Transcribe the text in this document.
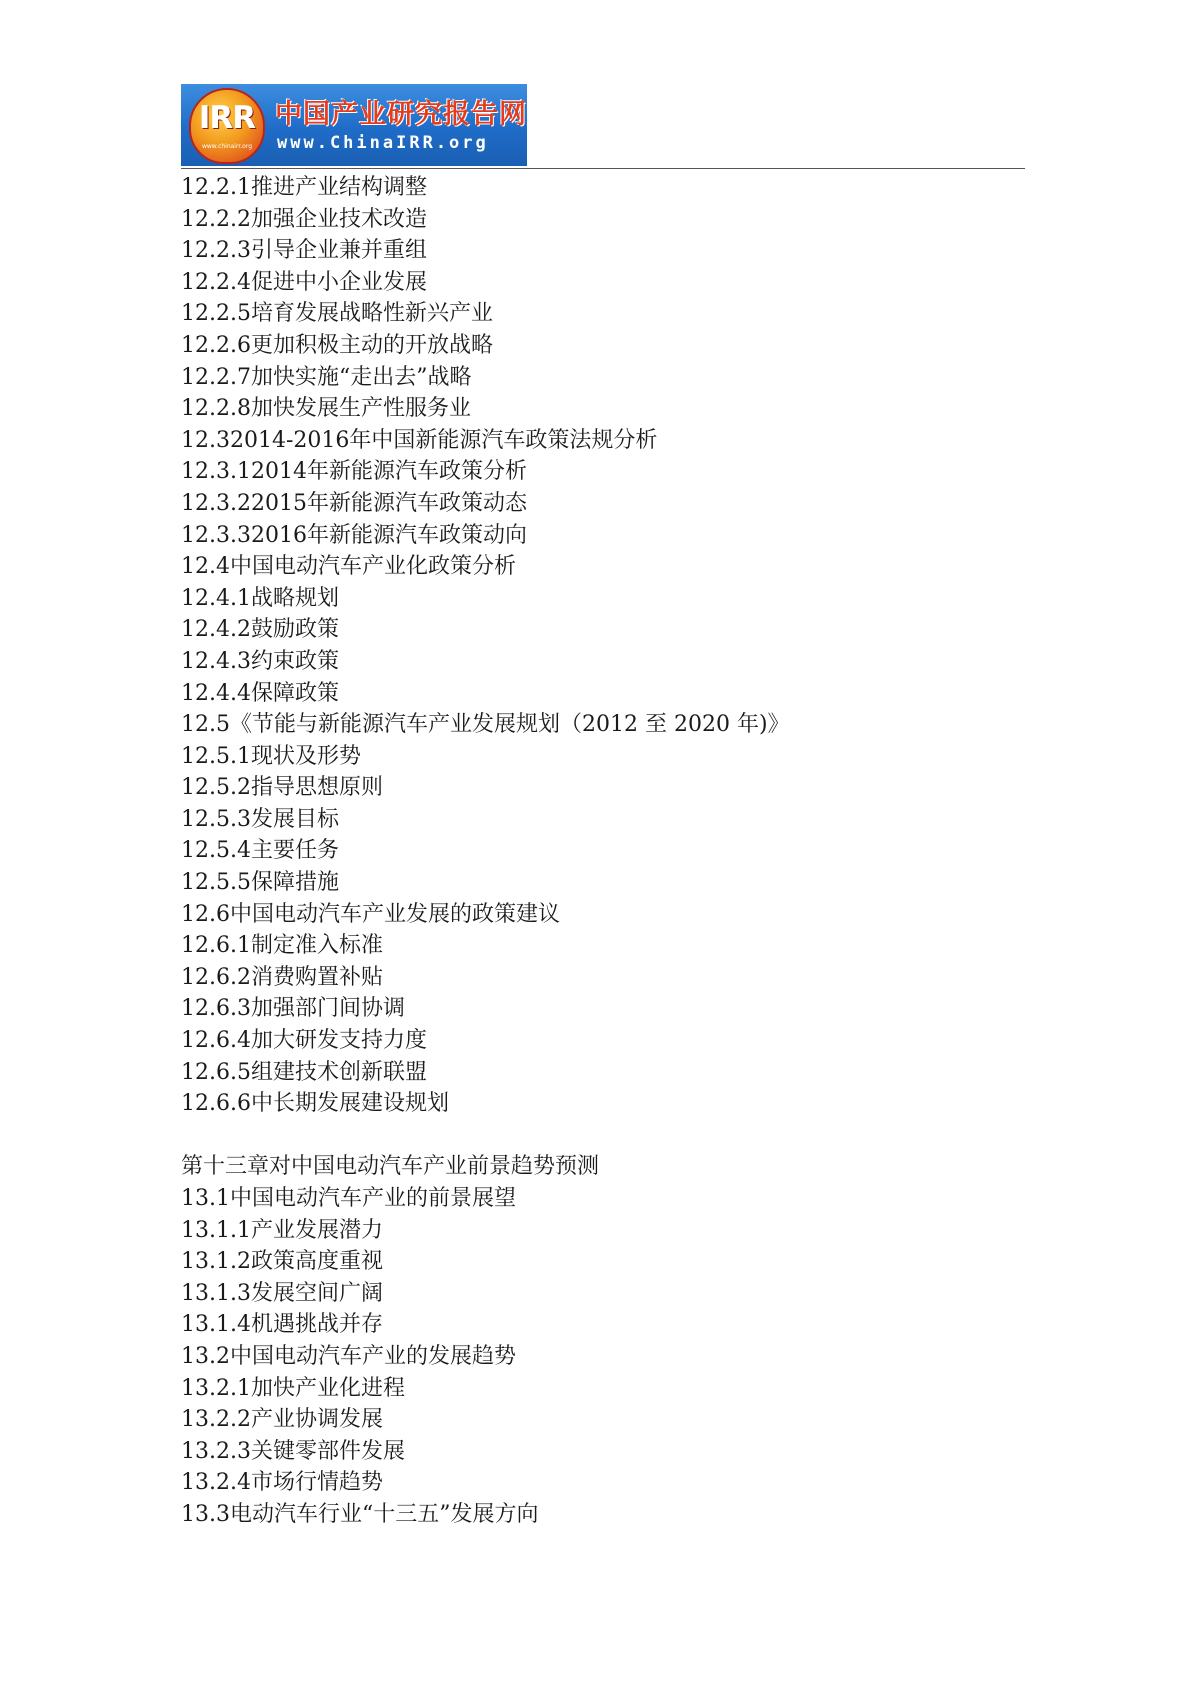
IRR
www.chinairr.org
中国产业研究报告网
www.ChinaIRR.org
12.2.1推进产业结构调整
12.2.2加强企业技术改造
12.2.3引导企业兼并重组
12.2.4促进中小企业发展
12.2.5培育发展战略性新兴产业
12.2.6更加积极主动的开放战略
12.2.7加快实施“走出去”战略
12.2.8加快发展生产性服务业
12.32014-2016年中国新能源汽车政策法规分析
12.3.12014年新能源汽车政策分析
12.3.22015年新能源汽车政策动态
12.3.32016年新能源汽车政策动向
12.4中国电动汽车产业化政策分析
12.4.1战略规划
12.4.2鼓励政策
12.4.3约束政策
12.4.4保障政策
12.5《节能与新能源汽车产业发展规划（2012 至 2020 年)》
12.5.1现状及形势
12.5.2指导思想原则
12.5.3发展目标
12.5.4主要任务
12.5.5保障措施
12.6中国电动汽车产业发展的政策建议
12.6.1制定准入标准
12.6.2消费购置补贴
12.6.3加强部门间协调
12.6.4加大研发支持力度
12.6.5组建技术创新联盟
12.6.6中长期发展建设规划
第十三章对中国电动汽车产业前景趋势预测
13.1中国电动汽车产业的前景展望
13.1.1产业发展潜力
13.1.2政策高度重视
13.1.3发展空间广阔
13.1.4机遇挑战并存
13.2中国电动汽车产业的发展趋势
13.2.1加快产业化进程
13.2.2产业协调发展
13.2.3关键零部件发展
13.2.4市场行情趋势
13.3电动汽车行业“十三五”发展方向
